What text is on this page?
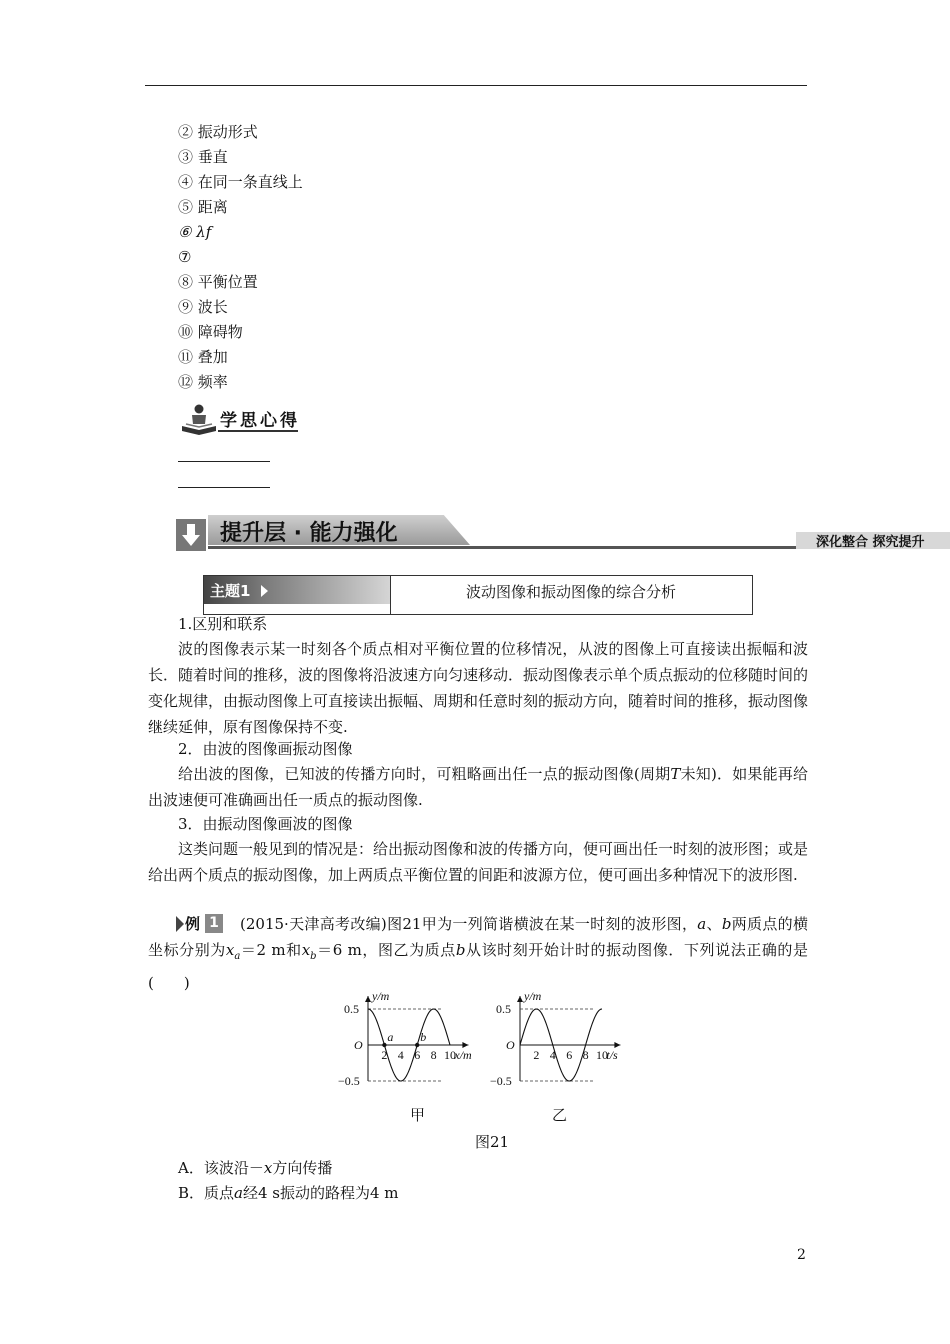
② 振动形式
③ 垂直
④ 在同一条直线上
⑤ 距离
⑥ λf
⑦
⑧ 平衡位置
⑨ 波长
⑩ 障碍物
⑪ 叠加
⑫ 频率
学思心得
提升层 · 能力强化	深化整合 探究提升
主题1	波动图像和振动图像的综合分析
1.区别和联系
波的图像表示某一时刻各个质点相对平衡位置的位移情况，从波的图像上可直接读出振幅和波长．随着时间的推移，波的图像将沿波速方向匀速移动．振动图像表示单个质点振动的位移随时间的变化规律，由振动图像上可直接读出振幅、周期和任意时刻的振动方向，随着时间的推移，振动图像继续延伸，原有图像保持不变.
2．由波的图像画振动图像
给出波的图像，已知波的传播方向时，可粗略画出任一点的振动图像(周期T未知)．如果能再给出波速便可准确画出任一质点的振动图像.
3．由振动图像画波的图像
这类问题一般见到的情况是：给出振动图像和波的传播方向，便可画出任一时刻的波形图；或是给出两个质点的振动图像，加上两质点平衡位置的间距和波源方位，便可画出多种情况下的波形图.
例 1	(2015·天津高考改编)图21甲为一列简谐横波在某一时刻的波形图，a、b两质点的横坐标分别为$x_a=2$ m和$x_b=6$ m，图乙为质点b从该时刻开始计时的振动图像．下列说法正确的是(　　)
y/m
x/m
O
0.5
−0.5
2 4 6 8 10
a b
y/m
t/s
O
0.5
−0.5
2 4 6 8 10
甲	乙
图21
A．该波沿－x方向传播
B．质点a经4 s振动的路程为4 m
2
